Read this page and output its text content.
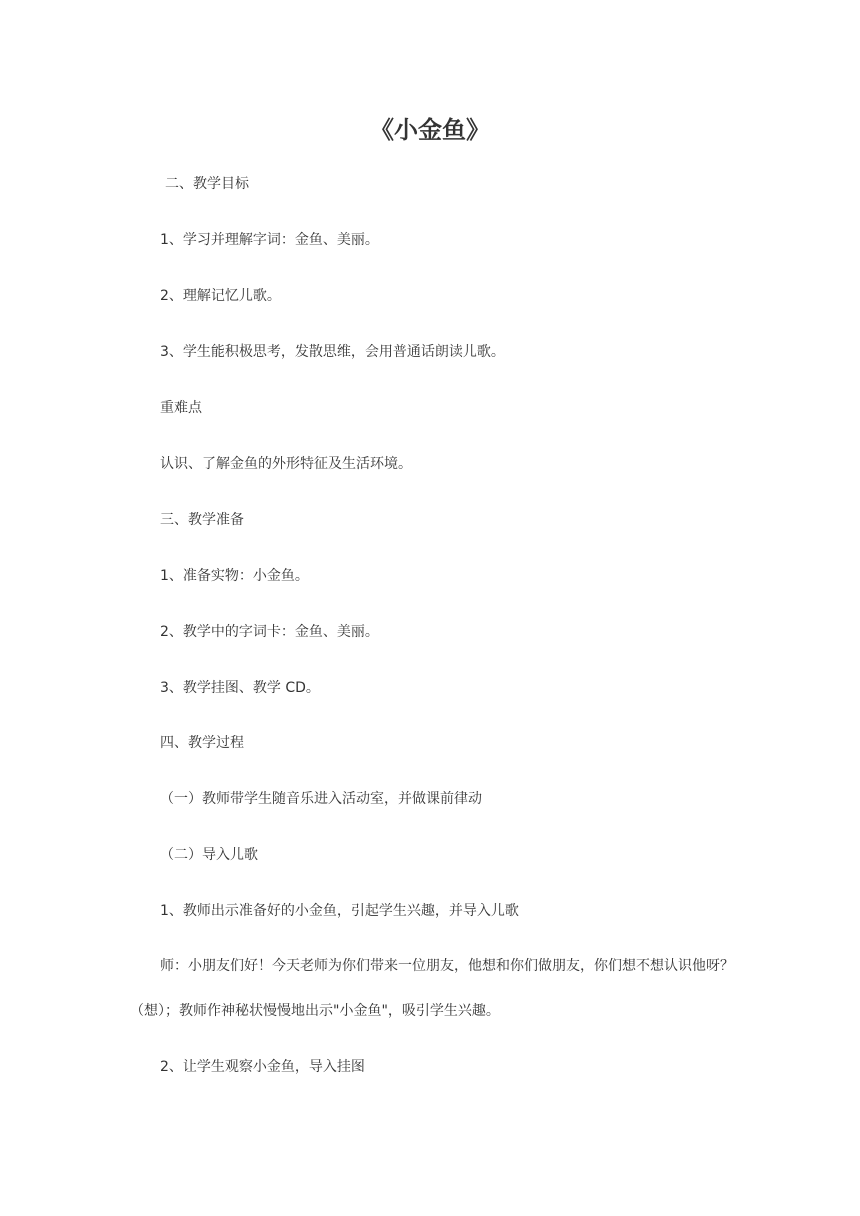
《小金鱼》
二、教学目标
1、学习并理解字词：金鱼、美丽。
2、理解记忆儿歌。
3、学生能积极思考，发散思维，会用普通话朗读儿歌。
重难点
认识、了解金鱼的外形特征及生活环境。
三、教学准备
1、准备实物：小金鱼。
2、教学中的字词卡：金鱼、美丽。
3、教学挂图、教学 CD。
四、教学过程
（一）教师带学生随音乐进入活动室，并做课前律动
（二）导入儿歌
1、教师出示准备好的小金鱼，引起学生兴趣，并导入儿歌
师：小朋友们好！今天老师为你们带来一位朋友，他想和你们做朋友，你们想不想认识他呀？（想）；教师作神秘状慢慢地出示"小金鱼"，吸引学生兴趣。
2、让学生观察小金鱼，导入挂图
